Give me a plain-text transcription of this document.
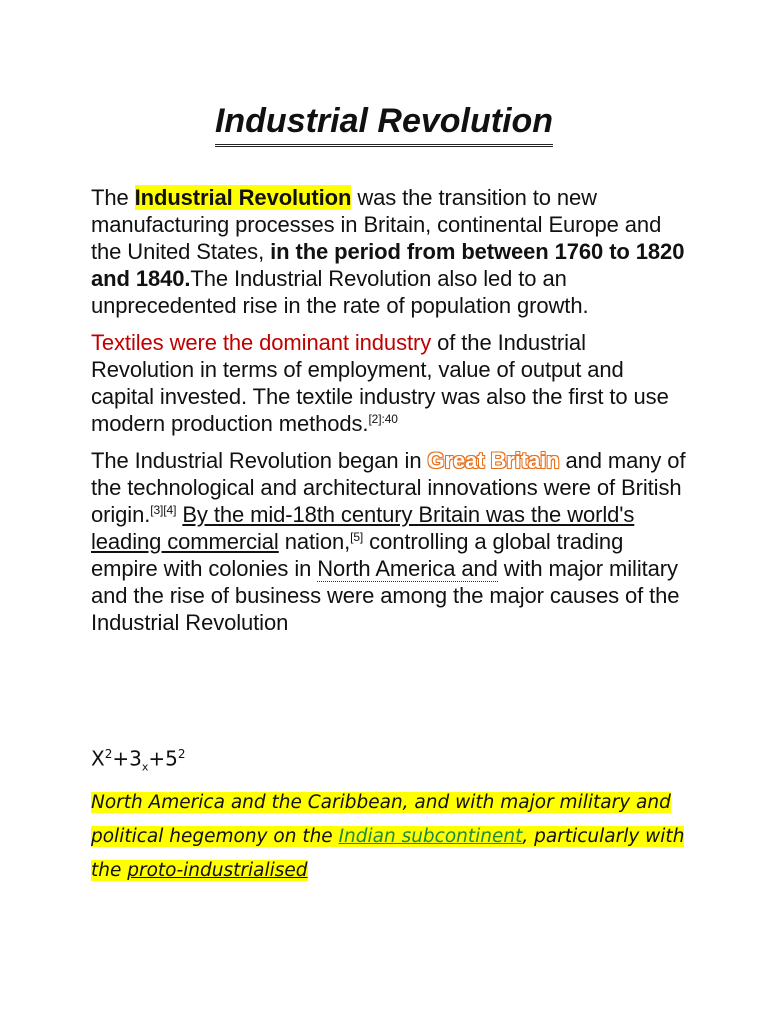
Industrial Revolution

The Industrial Revolution was the transition to new manufacturing processes in Britain, continental Europe and the United States, in the period from between 1760 to 1820 and 1840.The Industrial Revolution also led to an unprecedented rise in the rate of population growth.

Textiles were the dominant industry of the Industrial Revolution in terms of employment, value of output and capital invested. The textile industry was also the first to use modern production methods.$^{[2]:40}$

The Industrial Revolution began in Great Britain and many of the technological and architectural innovations were of British origin.[3][4] By the mid-18th century Britain was the world's leading commercial nation,[5] controlling a global trading empire with colonies in North America and with major military and the rise of business were among the major causes of the Industrial Revolution

$X^2+3_x+5^2$
North America and the Caribbean, and with major military and
political hegemony on the Indian subcontinent, particularly with
the proto-industrialised
